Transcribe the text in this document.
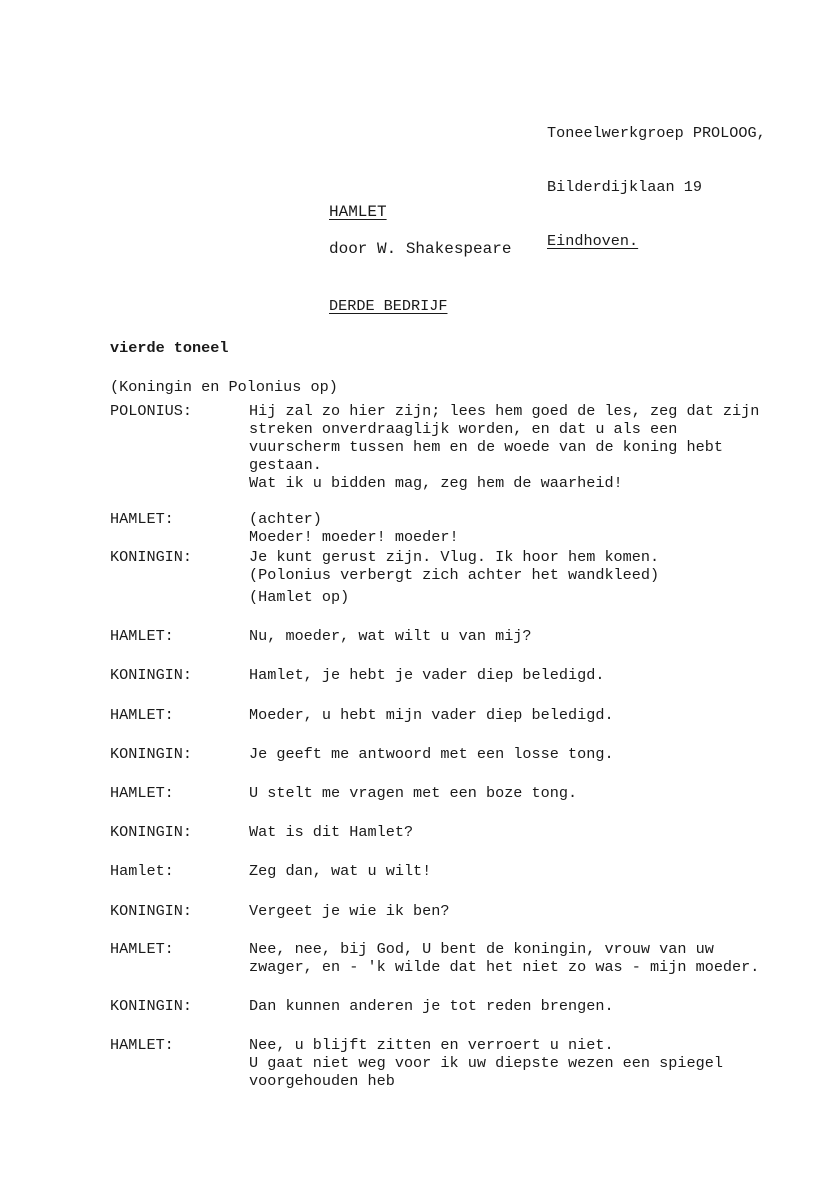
Toneelwerkgroep PROLOOG,

Bilderdijklaan 19

Eindhoven.

HAMLET
door W. Shakespeare
DERDE BEDRIJF
vierde toneel
(Koningin en Polonius op)
POLONIUS:	Hij zal zo hier zijn; lees hem goed de les, zeg dat zijn
streken onverdraaglijk worden, en dat u als een
vuurscherm tussen hem en de woede van de koning hebt
gestaan.
Wat ik u bidden mag, zeg hem de waarheid!
HAMLET:	(achter)
Moeder! moeder! moeder!
KONINGIN:	Je kunt gerust zijn. Vlug. Ik hoor hem komen.
(Polonius verbergt zich achter het wandkleed)
(Hamlet op)
HAMLET:	Nu, moeder, wat wilt u van mij?
KONINGIN:	Hamlet, je hebt je vader diep beledigd.
HAMLET:	Moeder, u hebt mijn vader diep beledigd.
KONINGIN:	Je geeft me antwoord met een losse tong.
HAMLET:	U stelt me vragen met een boze tong.
KONINGIN:	Wat is dit Hamlet?
Hamlet:	Zeg dan, wat u wilt!
KONINGIN:	Vergeet je wie ik ben?
HAMLET:	Nee, nee, bij God, U bent de koningin, vrouw van uw
zwager, en - 'k wilde dat het niet zo was - mijn moeder.
KONINGIN:	Dan kunnen anderen je tot reden brengen.
HAMLET:	Nee, u blijft zitten en verroert u niet.
U gaat niet weg voor ik uw diepste wezen een spiegel
voorgehouden heb
